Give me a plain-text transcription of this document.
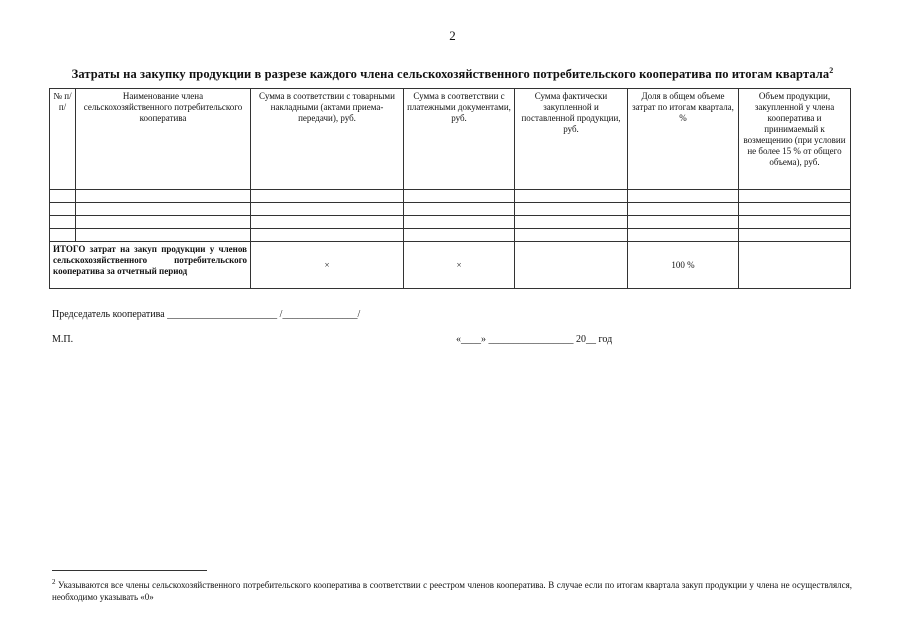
2
Затраты на закупку продукции в разрезе каждого члена сельскохозяйственного потребительского кооператива по итогам квартала$^2$
№ п/п/	Наименование члена сельскохозяйственного потребительского кооператива	Сумма в соответствии с товарными накладными (актами приема-передачи), руб.	Сумма в соответствии с платежными документами, руб.	Сумма фактически закупленной и поставленной продукции, руб.	Доля в общем объеме затрат по итогам квартала, %	Объем продукции, закупленной у члена кооператива и принимаемый к возмещению (при условии не более 15 % от общего объема), руб.

ИТОГО затрат на закуп продукции у членов сельскохозяйственного потребительского кооператива за отчетный период		×	×		100 %	
Председатель кооператива ______________________ /_______________/
М.П.	«____» _________________ 20__ год
$^2$ Указываются все члены сельскохозяйственного потребительского кооператива в соответствии с реестром членов кооператива. В случае если по итогам квартала закуп продукции у члена не осуществлялся, необходимо указывать «0»
